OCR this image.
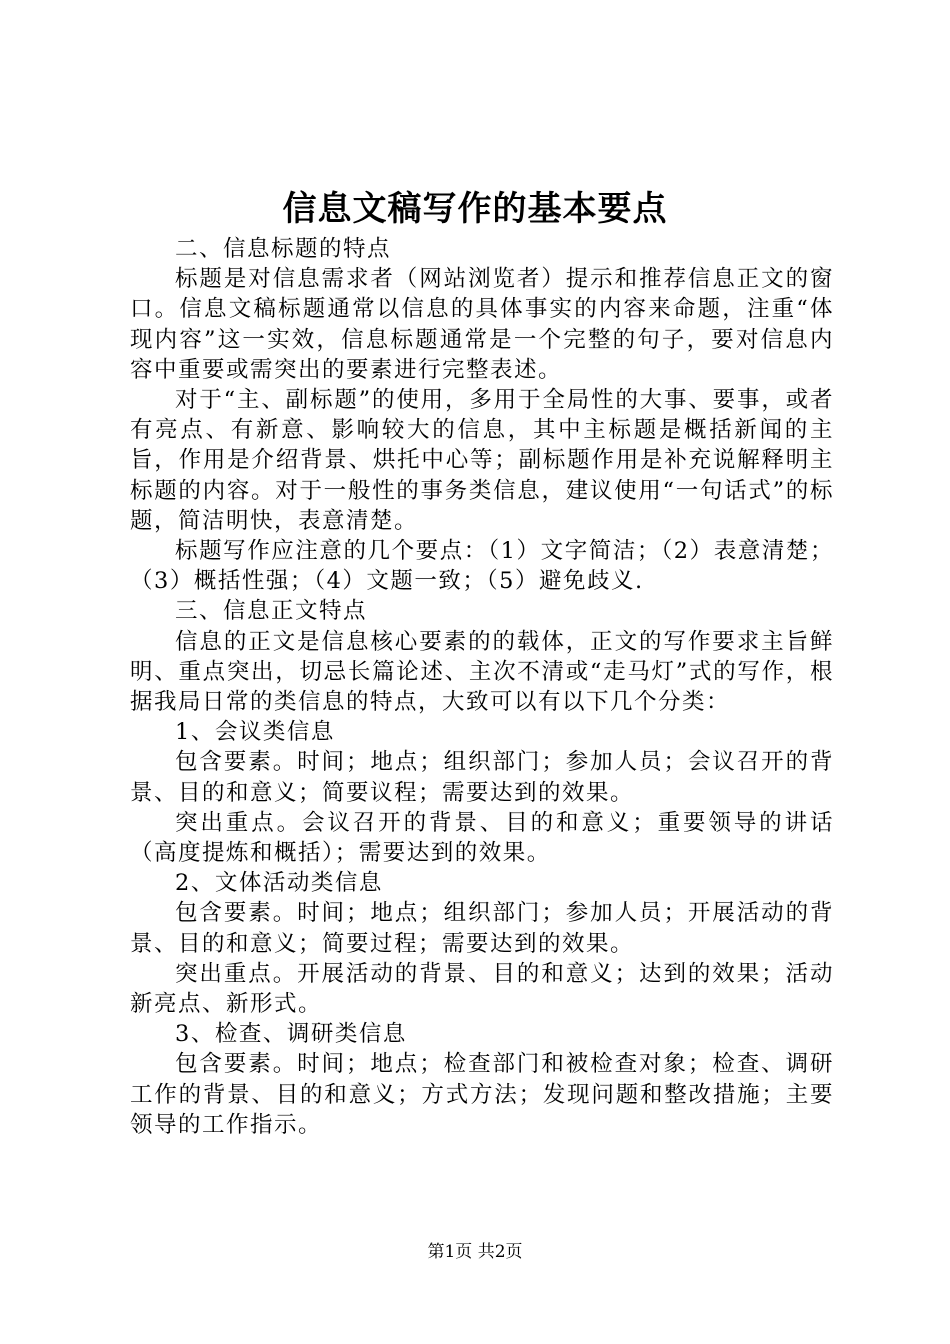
信息文稿写作的基本要点

二、信息标题的特点

标题是对信息需求者（网站浏览者）提示和推荐信息正文的窗口。信息文稿标题通常以信息的具体事实的内容来命题，注重“体现内容”这一实效，信息标题通常是一个完整的句子，要对信息内容中重要或需突出的要素进行完整表述。

对于“主、副标题”的使用，多用于全局性的大事、要事，或者有亮点、有新意、影响较大的信息，其中主标题是概括新闻的主旨，作用是介绍背景、烘托中心等；副标题作用是补充说解释明主标题的内容。对于一般性的事务类信息，建议使用“一句话式”的标题，简洁明快，表意清楚。

标题写作应注意的几个要点：（1）文字简洁；（2）表意清楚；（3）概括性强；（4）文题一致；（5）避免歧义.

三、信息正文特点

信息的正文是信息核心要素的的载体，正文的写作要求主旨鲜明、重点突出，切忌长篇论述、主次不清或“走马灯”式的写作，根据我局日常的类信息的特点，大致可以有以下几个分类：

1、会议类信息

包含要素。时间；地点；组织部门；参加人员；会议召开的背景、目的和意义；简要议程；需要达到的效果。

突出重点。会议召开的背景、目的和意义；重要领导的讲话（高度提炼和概括）；需要达到的效果。

2、文体活动类信息

包含要素。时间；地点；组织部门；参加人员；开展活动的背景、目的和意义；简要过程；需要达到的效果。

突出重点。开展活动的背景、目的和意义；达到的效果；活动新亮点、新形式。

3、检查、调研类信息

包含要素。时间；地点；检查部门和被检查对象；检查、调研工作的背景、目的和意义；方式方法；发现问题和整改措施；主要领导的工作指示。

第1页 共2页
